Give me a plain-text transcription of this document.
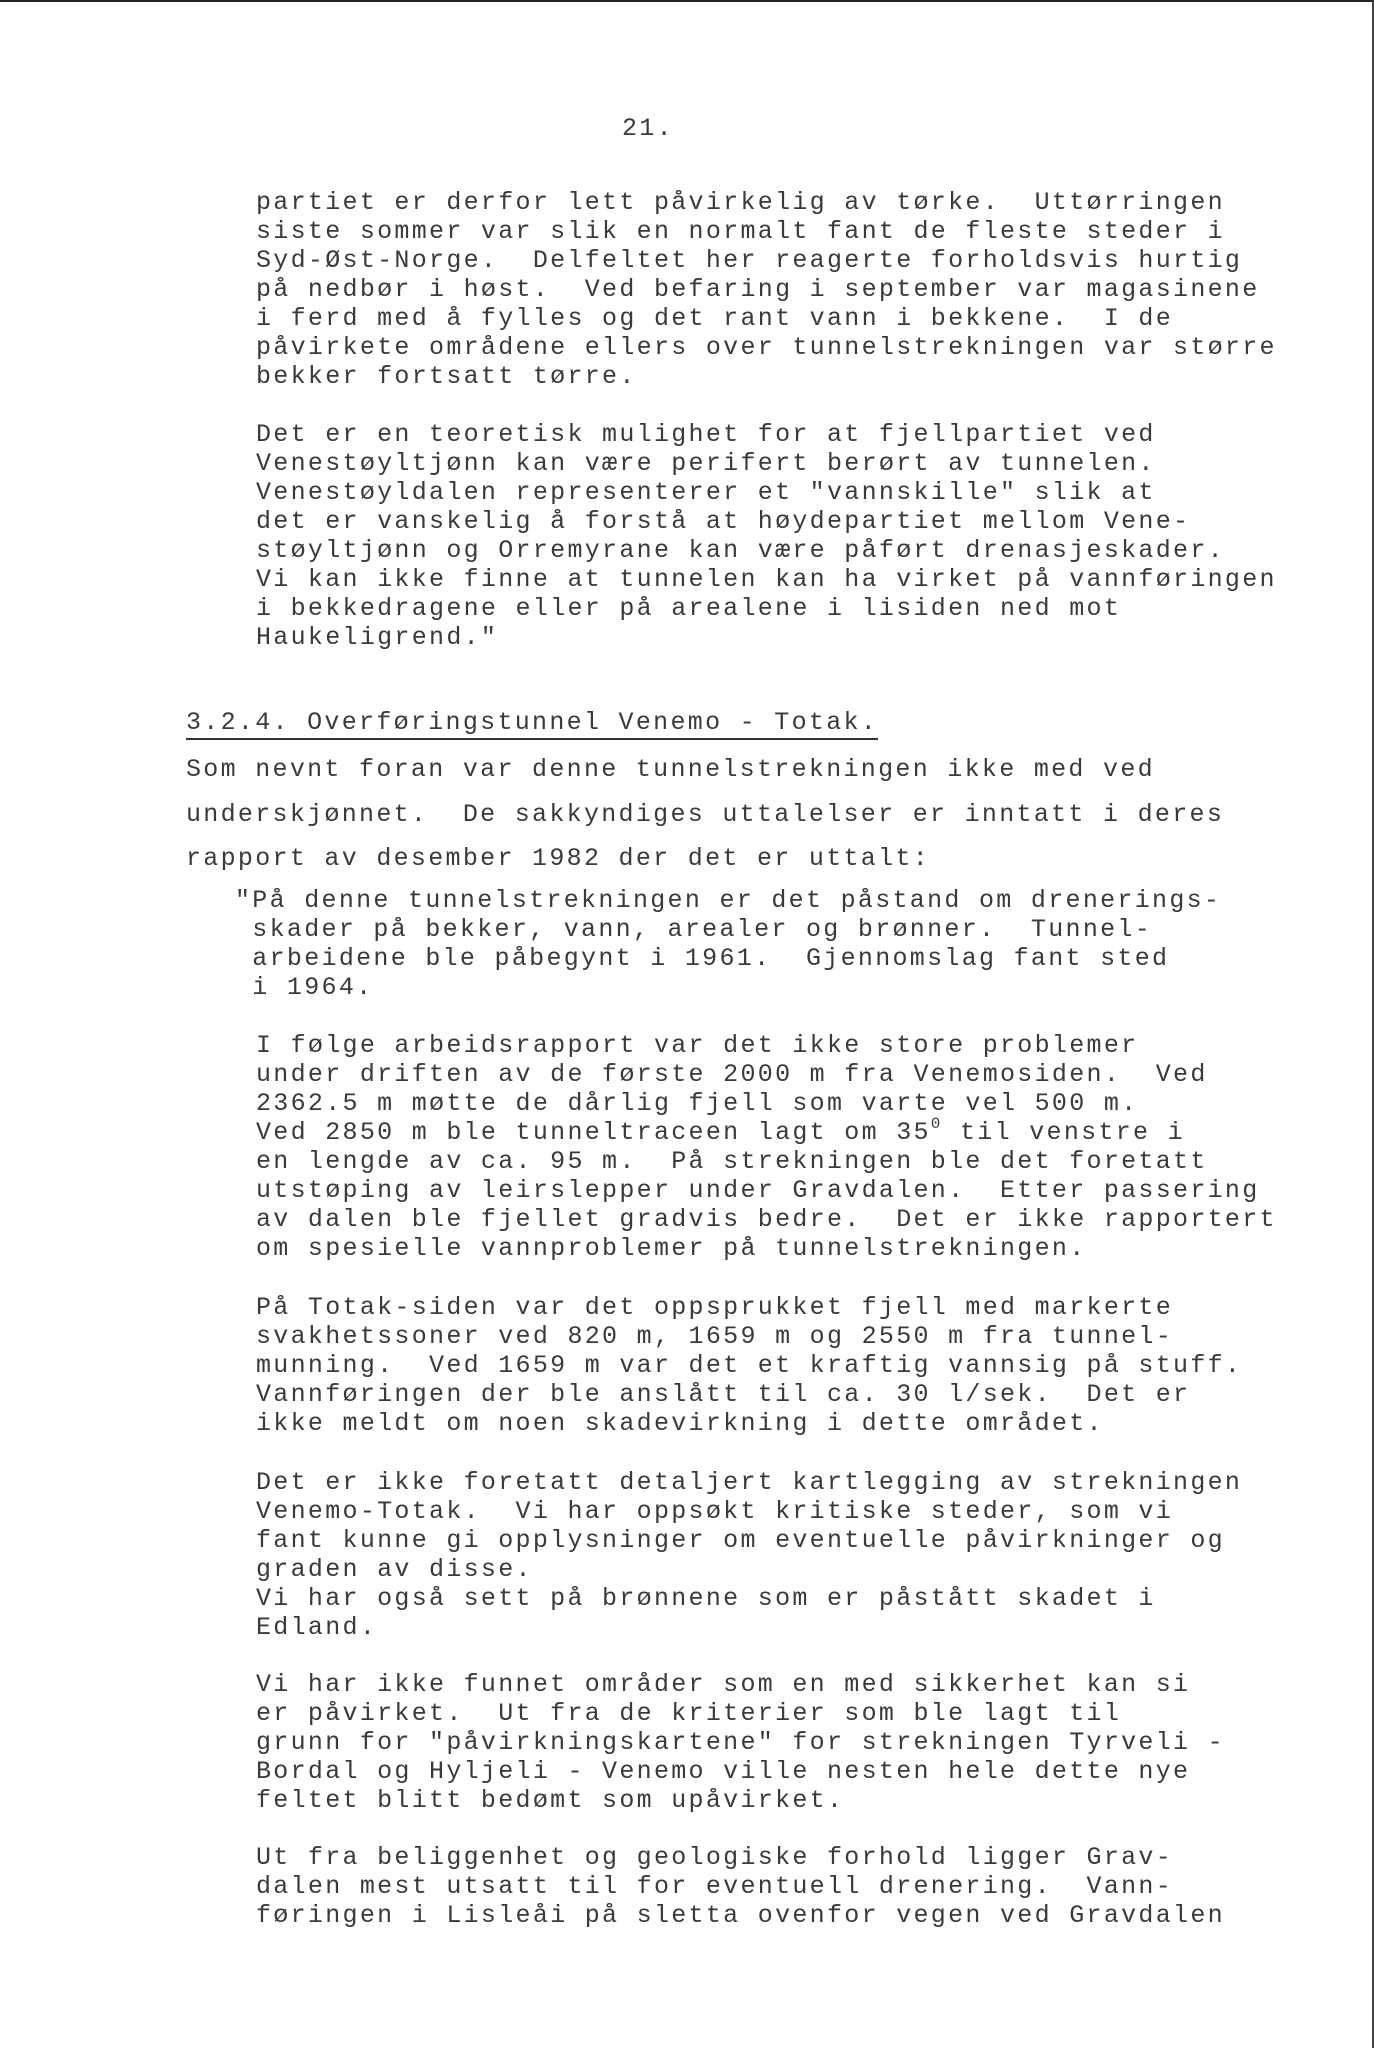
21.
partiet er derfor lett påvirkelig av tørke.  Uttørringen
siste sommer var slik en normalt fant de fleste steder i
Syd-Øst-Norge.  Delfeltet her reagerte forholdsvis hurtig
på nedbør i høst.  Ved befaring i september var magasinene
i ferd med å fylles og det rant vann i bekkene.  I de
påvirkete områdene ellers over tunnelstrekningen var større
bekker fortsatt tørre.
Det er en teoretisk mulighet for at fjellpartiet ved
Venestøyltjønn kan være perifert berørt av tunnelen.
Venestøyldalen representerer et "vannskille" slik at
det er vanskelig å forstå at høydepartiet mellom Vene-
støyltjønn og Orremyrane kan være påført drenasjeskader.
Vi kan ikke finne at tunnelen kan ha virket på vannføringen
i bekkedragene eller på arealene i lisiden ned mot
Haukeligrend."
3.2.4. Overføringstunnel Venemo - Totak.
Som nevnt foran var denne tunnelstrekningen ikke med ved
underskjønnet.  De sakkyndiges uttalelser er inntatt i deres
rapport av desember 1982 der det er uttalt:
"På denne tunnelstrekningen er det påstand om drenerings-
skader på bekker, vann, arealer og brønner.  Tunnel-
arbeidene ble påbegynt i 1961.  Gjennomslag fant sted
i 1964.
I følge arbeidsrapport var det ikke store problemer
under driften av de første 2000 m fra Venemosiden.  Ved
2362.5 m møtte de dårlig fjell som varte vel 500 m.
Ved 2850 m ble tunneltraceen lagt om $35^0$ til venstre i
en lengde av ca. 95 m.  På strekningen ble det foretatt
utstøping av leirslepper under Gravdalen.  Etter passering
av dalen ble fjellet gradvis bedre.  Det er ikke rapportert
om spesielle vannproblemer på tunnelstrekningen.
På Totak-siden var det oppsprukket fjell med markerte
svakhetssoner ved 820 m, 1659 m og 2550 m fra tunnel-
munning.  Ved 1659 m var det et kraftig vannsig på stuff.
Vannføringen der ble anslått til ca. 30 l/sek.  Det er
ikke meldt om noen skadevirkning i dette området.
Det er ikke foretatt detaljert kartlegging av strekningen
Venemo-Totak.  Vi har oppsøkt kritiske steder, som vi
fant kunne gi opplysninger om eventuelle påvirkninger og
graden av disse.
Vi har også sett på brønnene som er påstått skadet i
Edland.
Vi har ikke funnet områder som en med sikkerhet kan si
er påvirket.  Ut fra de kriterier som ble lagt til
grunn for "påvirkningskartene" for strekningen Tyrveli -
Bordal og Hyljeli - Venemo ville nesten hele dette nye
feltet blitt bedømt som upåvirket.
Ut fra beliggenhet og geologiske forhold ligger Grav-
dalen mest utsatt til for eventuell drenering.  Vann-
føringen i Lisleåi på sletta ovenfor vegen ved Gravdalen
